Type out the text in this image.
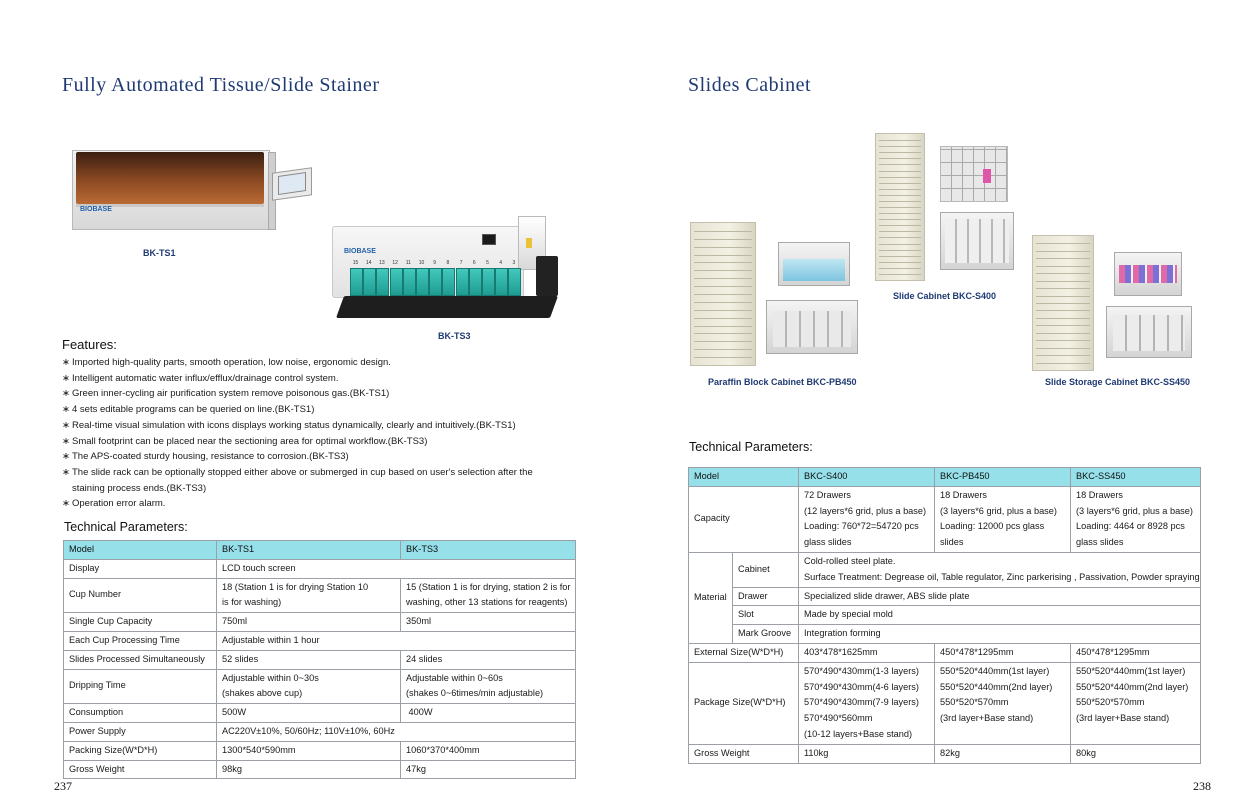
Fully Automated Tissue/Slide Stainer
BIOBASE
BK-TS1	BIOBASE
15	14	13	12	11	10	9	8	7	6	5	4	3
BK-TS3
Features:
∗ Imported high-quality parts, smooth operation, low noise, ergonomic design.
∗ Intelligent automatic water influx/efflux/drainage control system.
∗ Green inner-cycling air purification system remove poisonous gas.(BK-TS1)
∗ 4 sets editable programs can be queried on line.(BK-TS1)
∗ Real-time visual simulation with icons displays working status dynamically, clearly and intuitively.(BK-TS1)
∗ Small footprint can be placed near the sectioning area for optimal workflow.(BK-TS3)
∗ The APS-coated sturdy housing, resistance to corrosion.(BK-TS3)
∗ The slide rack can be optionally stopped either above or submerged in cup based on user's selection after the
staining process ends.(BK-TS3)
∗ Operation error alarm.
Technical Parameters:
Model	BK-TS1	BK-TS3
Display	LCD touch screen	
Cup Number	18 (Station 1 is for drying Station 10
is for washing)	15 (Station 1 is for drying, station 2 is for
washing, other 13 stations for reagents)

Single Cup Capacity	750ml	350ml
Each Cup Processing Time	Adjustable within 1 hour	
Slides Processed Simultaneously	52 slides	24 slides
Dripping Time	Adjustable within 0~30s
(shakes above cup)	Adjustable within 0~60s
(shakes 0~6times/min adjustable)

Consumption	500W	400W
Power Supply	AC220V±10%, 50/60Hz; 110V±10%, 60Hz	
Packing Size(W*D*H)	1300*540*590mm	1060*370*400mm
Gross Weight	98kg	47kg
237
Slides Cabinet
Paraffin Block Cabinet BKC-PB450
Slide Cabinet BKC-S400
Slide Storage Cabinet BKC-SS450
Technical Parameters:
Model		BKC-S400	BKC-PB450	BKC-SS450
Capacity		72 Drawers
(12 layers*6 grid, plus a base)
Loading: 760*72=54720 pcs
glass slides	18 Drawers
(3 layers*6 grid, plus a base)
Loading: 12000 pcs glass
slides	18 Drawers
(3 layers*6 grid, plus a base)
Loading: 4464 or 8928 pcs
glass slides

Material	Cabinet	Cold-rolled steel plate.
Surface Treatment: Degrease oil, Table regulator, Zinc parkerising , Passivation, Powder spraying		

	Drawer	Specialized slide drawer, ABS slide plate		
	Slot	Made by special mold		
	Mark Groove	Integration forming		
External Size(W*D*H)		403*478*1625mm	450*478*1295mm	450*478*1295mm
Package Size(W*D*H)		570*490*430mm(1-3 layers)
570*490*430mm(4-6 layers)
570*490*430mm(7-9 layers)
570*490*560mm
(10-12 layers+Base stand)	550*520*440mm(1st layer)
550*520*440mm(2nd layer)
550*520*570mm
(3rd layer+Base stand)	550*520*440mm(1st layer)
550*520*440mm(2nd layer)
550*520*570mm
(3rd layer+Base stand)

Gross Weight		110kg	82kg	80kg
238
